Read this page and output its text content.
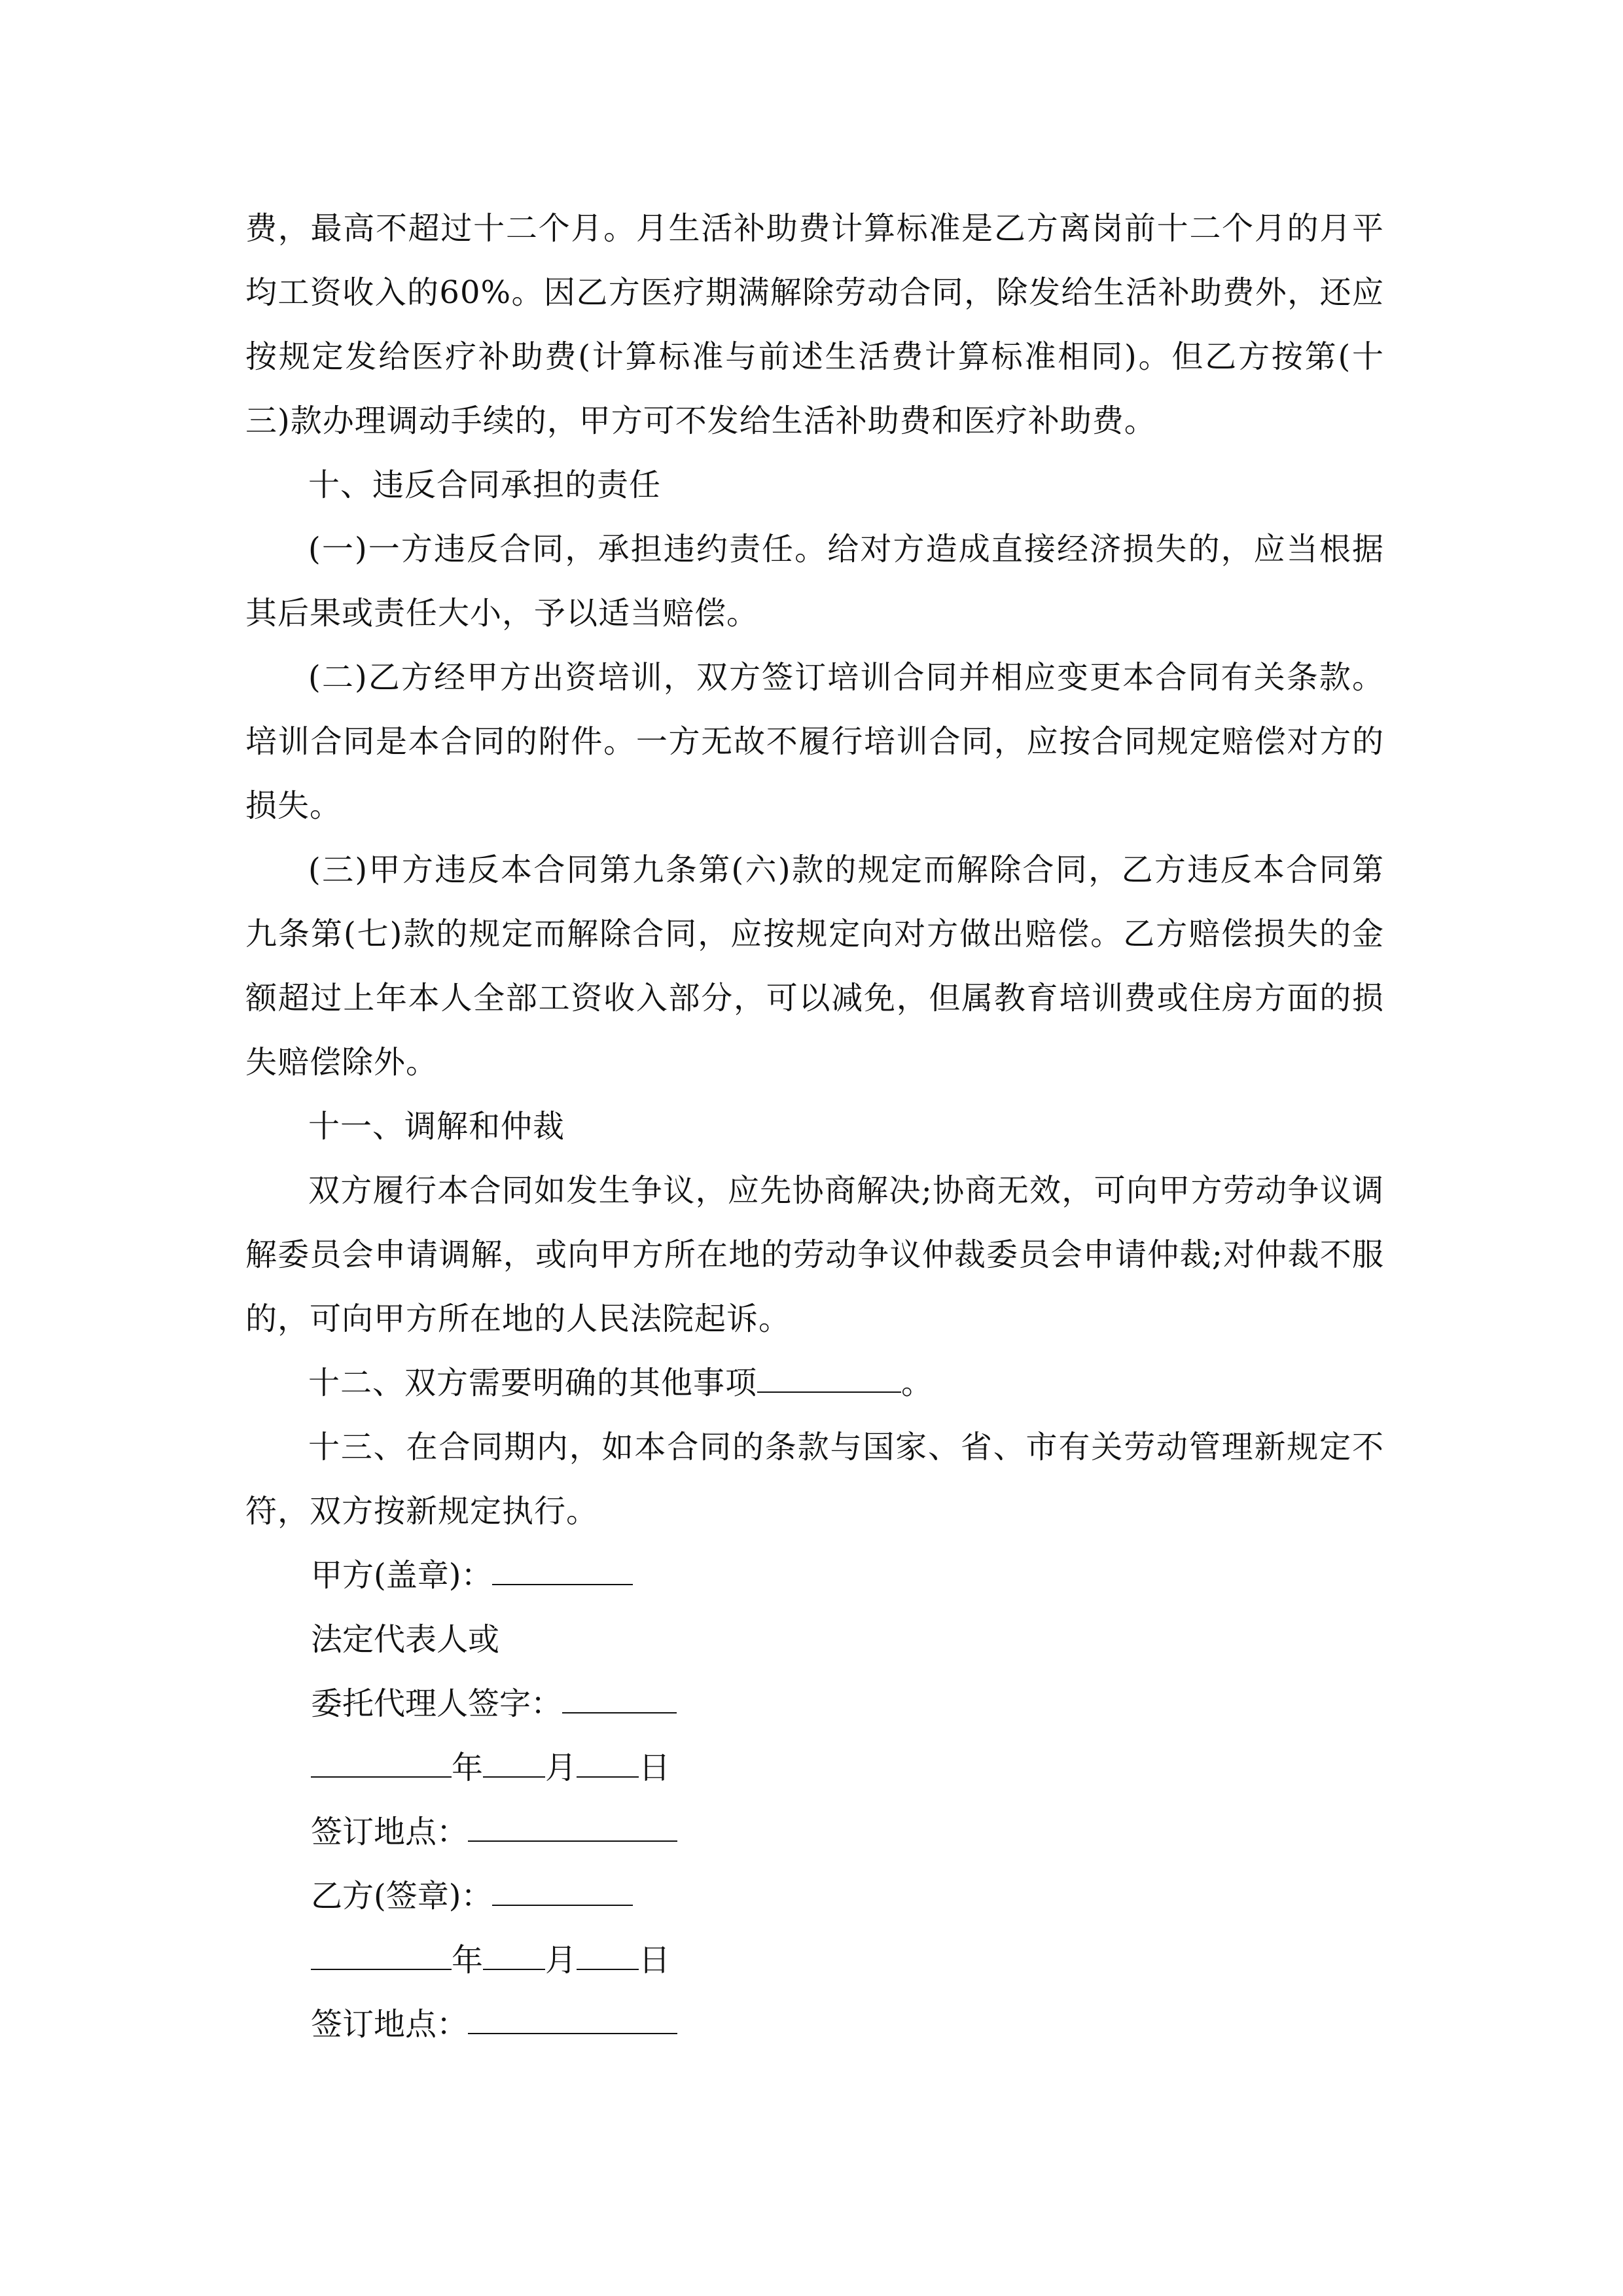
费，最高不超过十二个月。月生活补助费计算标准是乙方离岗前十二个月的月平均工资收入的60%。因乙方医疗期满解除劳动合同，除发给生活补助费外，还应按规定发给医疗补助费(计算标准与前述生活费计算标准相同)。但乙方按第(十三)款办理调动手续的，甲方可不发给生活补助费和医疗补助费。

十、违反合同承担的责任

(一)一方违反合同，承担违约责任。给对方造成直接经济损失的，应当根据其后果或责任大小，予以适当赔偿。

(二)乙方经甲方出资培训，双方签订培训合同并相应变更本合同有关条款。培训合同是本合同的附件。一方无故不履行培训合同，应按合同规定赔偿对方的损失。

(三)甲方违反本合同第九条第(六)款的规定而解除合同，乙方违反本合同第九条第(七)款的规定而解除合同，应按规定向对方做出赔偿。乙方赔偿损失的金额超过上年本人全部工资收入部分，可以减免，但属教育培训费或住房方面的损失赔偿除外。

十一、调解和仲裁

双方履行本合同如发生争议，应先协商解决;协商无效，可向甲方劳动争议调解委员会申请调解，或向甲方所在地的劳动争议仲裁委员会申请仲裁;对仲裁不服的，可向甲方所在地的人民法院起诉。

十二、双方需要明确的其他事项	。

十三、在合同期内，如本合同的条款与国家、省、市有关劳动管理新规定不符，双方按新规定执行。

甲方(盖章)：

法定代表人或

委托代理人签字：

年 月 日

签订地点：

乙方(签章)：

年 月 日

签订地点：
